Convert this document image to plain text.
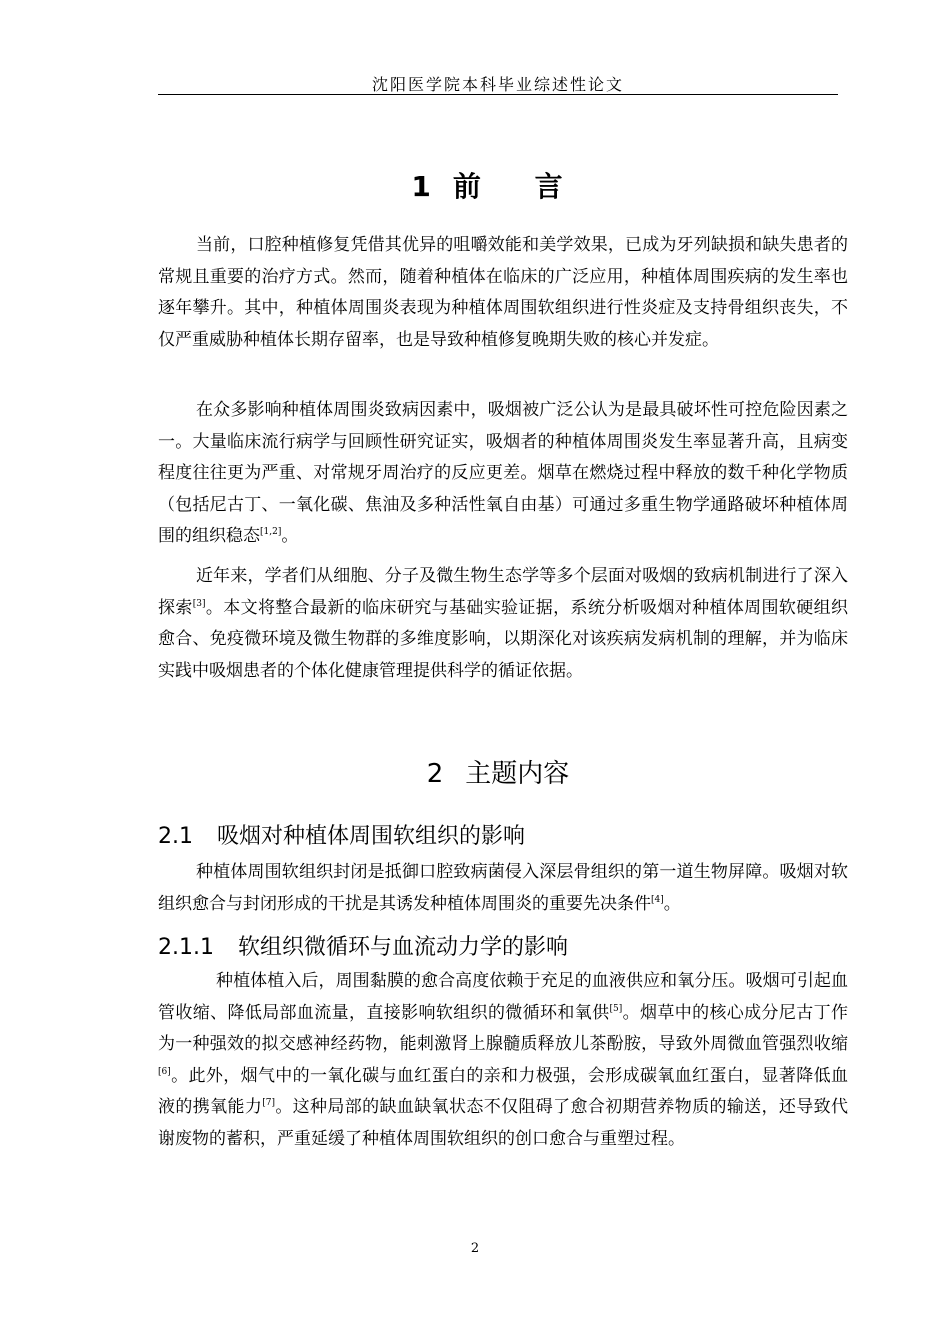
沈阳医学院本科毕业综述性论文
1 前 言

当前，口腔种植修复凭借其优异的咀嚼效能和美学效果，已成为牙列缺损和缺失患者的常规且重要的治疗方式。然而，随着种植体在临床的广泛应用，种植体周围疾病的发生率也逐年攀升。其中，种植体周围炎表现为种植体周围软组织进行性炎症及支持骨组织丧失，不仅严重威胁种植体长期存留率，也是导致种植修复晚期失败的核心并发症。

在众多影响种植体周围炎致病因素中，吸烟被广泛公认为是最具破坏性可控危险因素之一。大量临床流行病学与回顾性研究证实，吸烟者的种植体周围炎发生率显著升高，且病变程度往往更为严重、对常规牙周治疗的反应更差。烟草在燃烧过程中释放的数千种化学物质（包括尼古丁、一氧化碳、焦油及多种活性氧自由基）可通过多重生物学通路破坏种植体周围的组织稳态[1,2]。

近年来，学者们从细胞、分子及微生物生态学等多个层面对吸烟的致病机制进行了深入探索[3]。本文将整合最新的临床研究与基础实验证据，系统分析吸烟对种植体周围软硬组织愈合、免疫微环境及微生物群的多维度影响，以期深化对该疾病发病机制的理解，并为临床实践中吸烟患者的个体化健康管理提供科学的循证依据。

2 主题内容
2.1 吸烟对种植体周围软组织的影响

种植体周围软组织封闭是抵御口腔致病菌侵入深层骨组织的第一道生物屏障。吸烟对软组织愈合与封闭形成的干扰是其诱发种植体周围炎的重要先决条件[4]。

2.1.1 软组织微循环与血流动力学的影响

种植体植入后，周围黏膜的愈合高度依赖于充足的血液供应和氧分压。吸烟可引起血管收缩、降低局部血流量，直接影响软组织的微循环和氧供[5]。烟草中的核心成分尼古丁作为一种强效的拟交感神经药物，能刺激肾上腺髓质释放儿茶酚胺，导致外周微血管强烈收缩[6]。此外，烟气中的一氧化碳与血红蛋白的亲和力极强，会形成碳氧血红蛋白，显著降低血液的携氧能力[7]。这种局部的缺血缺氧状态不仅阻碍了愈合初期营养物质的输送，还导致代谢废物的蓄积，严重延缓了种植体周围软组织的创口愈合与重塑过程。

2
